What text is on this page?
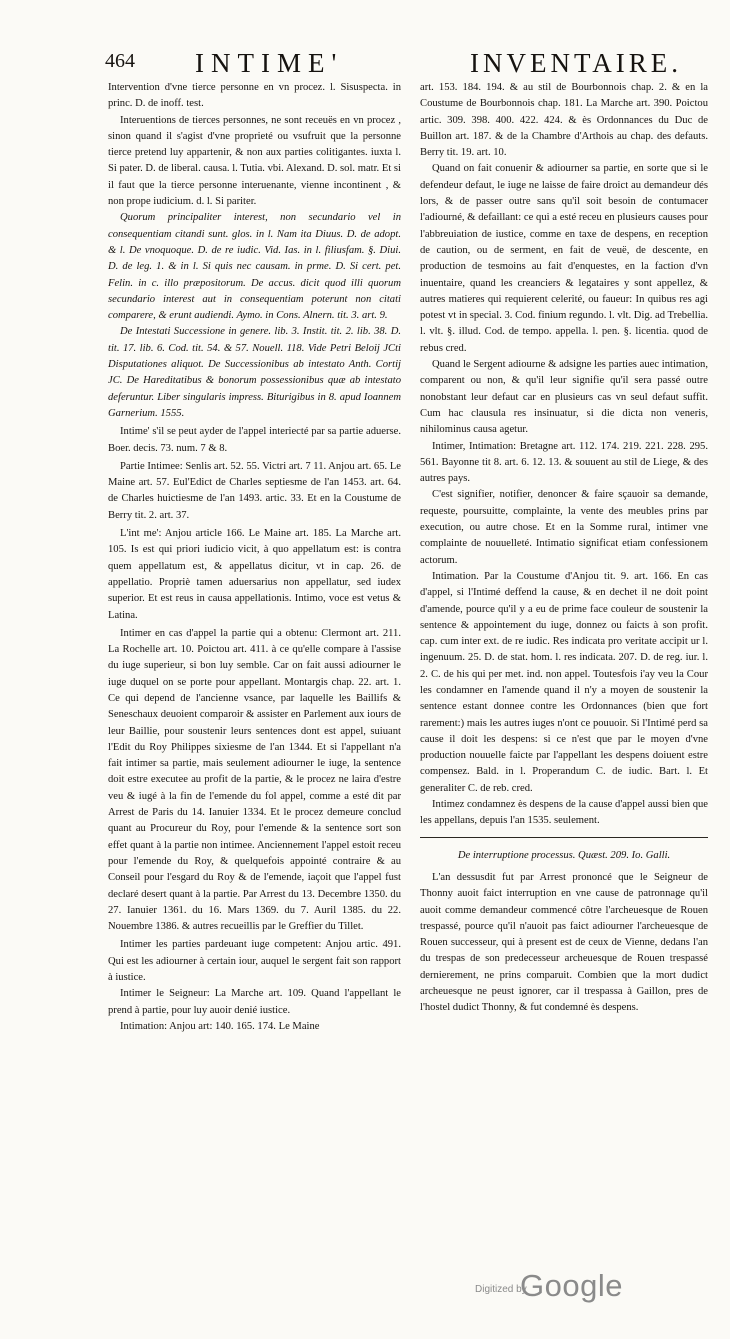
464 INTIME'	INVENTAIRE.

Intervention d'vne tierce personne en vn procez. l. Sisuspecta. in princ. D. de inoff. test.

Interuentions de tierces personnes, ne sont receuës en vn procez , sinon quand il s'agist d'vne proprieté ou vsufruit que la personne tierce pretend luy appartenir, & non aux parties colitigantes. iuxta l. Si pater. D. de liberal. causa. l. Tutia. vbi. Alexand. D. sol. matr. Et si il faut que la tierce personne interuenante, vienne incontinent , & non prope iudicium. d. l. Si pariter.

Quorum principaliter interest, non secundario vel in consequentiam citandi sunt. glos. in l. Nam ita Diuus. D. de adopt. & l. De vnoquoque. D. de re iudic. Vid. Ias. in l. filiusfam. §. Diui. D. de leg. 1. & in l. Si quis nec causam. in prme. D. Si cert. pet. Felin. in c. illo præpositorum. De accus. dicit quod illi quorum secundario interest aut in consequentiam poterunt non citati comparere, & erunt audiendi. Aymo. in Cons. Alnern. tit. 3. art. 9.

De Intestati Successione in genere. lib. 3. Instit. tit. 2. lib. 38. D. tit. 17. lib. 6. Cod. tit. 54. & 57. Nouell. 118. Vide Petri Beloij JCti Disputationes aliquot. De Successionibus ab intestato Anth. Cortij JC. De Hareditatibus & bonorum possessionibus quæ ab intestato deferuntur. Liber singularis impress. Biturigibus in 8. apud Ioannem Garnerium. 1555.

Intime' s'il se peut ayder de l'appel interiecté par sa partie aduerse. Boer. decis. 73. num. 7 & 8.

Partie Intimee: Senlis art. 52. 55. Victri art. 7 11. Anjou art. 65. Le Maine art. 57. Eul'Edict de Charles septiesme de l'an 1453. art. 64. de Charles huictiesme de l'an 1493. artic. 33. Et en la Coustume de Berry tit. 2. art. 37.

L'int me': Anjou article 166. Le Maine art. 185. La Marche art. 105. Is est qui priori iudicio vicit, à quo appellatum est: is contra quem appellatum est, & appellatus dicitur, vt in cap. 26. de appellatio. Propriè tamen aduersarius non appellatur, sed iudex superior. Et est reus in causa appellationis. Intimo, voce est vetus & Latina.

Intimer en cas d'appel la partie qui a obtenu: Clermont art. 211. La Rochelle art. 10. Poictou art. 411. à ce qu'elle compare à l'assise du iuge superieur, si bon luy semble. Car on fait aussi adiourner le iuge duquel on se porte pour appellant. Montargis chap. 22. art. 1. Ce qui depend de l'ancienne vsance, par laquelle les Baillifs & Seneschaux deuoient comparoir & assister en Parlement aux iours de leur Baillie, pour soustenir leurs sentences dont est appel, suiuant l'Edit du Roy Philippes sixiesme de l'an 1344. Et si l'appellant n'a fait intimer sa partie, mais seulement adiourner le iuge, la sentence doit estre executee au profit de la partie, & le procez ne laira d'estre veu & iugé à la fin de l'emende du fol appel, comme a esté dit par Arrest de Paris du 14. Ianuier 1334. Et le procez demeure conclud quant au Procureur du Roy, pour l'emende & la sentence sort son effet quant à la partie non intimee. Anciennement l'appel estoit receu pour l'emende du Roy, & quelquefois appointé contraire & au Conseil pour l'esgard du Roy & de l'emende, iaçoit que l'appel fust declaré desert quant à la partie. Par Arrest du 13. Decembre 1350. du 27. Ianuier 1361. du 16. Mars 1369. du 7. Auril 1385. du 22. Nouembre 1386. & autres recueillis par le Greffier du Tillet.

Intimer les parties pardeuant iuge competent: Anjou artic. 491. Qui est les adiourner à certain iour, auquel le sergent fait son rapport à iustice.

Intimer le Seigneur: La Marche art. 109. Quand l'appellant le prend à partie, pour luy auoir denié iustice.

Intimation: Anjou art: 140. 165. 174. Le Maine

art. 153. 184. 194. & au stil de Bourbonnois chap. 2. & en la Coustume de Bourbonnois chap. 181. La Marche art. 390. Poictou artic. 309. 398. 400. 422. 424. & ès Ordonnances du Duc de Buillon art. 187. & de la Chambre d'Arthois au chap. des defauts. Berry tit. 19. art. 10.

Quand on fait conuenir & adiourner sa partie, en sorte que si le defendeur defaut, le iuge ne laisse de faire droict au demandeur dés lors, & de passer outre sans qu'il soit besoin de contumacer l'adiourné, & defaillant: ce qui a esté receu en plusieurs causes pour l'abbreuiation de iustice, comme en taxe de despens, en reception de caution, ou de serment, en fait de veuë, de descente, en production de tesmoins au fait d'enquestes, en la faction d'vn inuentaire, quand les creanciers & legataires y sont appellez, & autres matieres qui requierent celerité, ou faueur: In quibus res agi potest vt in special. 3. Cod. finium regundo. l. vlt. Dig. ad Trebellia. l. vlt. §. illud. Cod. de tempo. appella. l. pen. §. licentia. quod de rebus cred.

Quand le Sergent adiourne & adsigne les parties auec intimation, comparent ou non, & qu'il leur signifie qu'il sera passé outre nonobstant leur defaut car en plusieurs cas vn seul defaut suffit. Cum hac clausula res insinuatur, si die dicta non veneris, nihilominus causa agetur.

Intimer, Intimation: Bretagne art. 112. 174. 219. 221. 228. 295. 561. Bayonne tit 8. art. 6. 12. 13. & souuent au stil de Liege, & des autres pays.

C'est signifier, notifier, denoncer & faire sçauoir sa demande, requeste, poursuitte, complainte, la vente des meubles prins par execution, ou autre chose. Et en la Somme rural, intimer vne complainte de nouuelleté. Intimatio significat etiam confessionem actorum.

Intimation. Par la Coustume d'Anjou tit. 9. art. 166. En cas d'appel, si l'Intimé deffend la cause, & en dechet il ne doit point d'amende, pource qu'il y a eu de prime face couleur de soustenir la sentence & appointement du iuge, donnez ou faicts à son profit. cap. cum inter ext. de re iudic. Res indicata pro veritate accipit ur l. ingenuum. 25. D. de stat. hom. l. res indicata. 207. D. de reg. iur. l. 2. C. de his qui per met. ind. non appel. Toutesfois i'ay veu la Cour les condamner en l'amende quand il n'y a moyen de soustenir la sentence estant donnee contre les Ordonnances (bien que fort rarement:) mais les autres iuges n'ont ce pouuoir. Si l'Intimé perd sa cause il doit les despens: si ce n'est que par le moyen d'vne production nouuelle faicte par l'appellant les despens doiuent estre compensez. Bald. in l. Properandum C. de iudic. Bart. l. Et generaliter C. de reb. cred.

Intimez condamnez ès despens de la cause d'appel aussi bien que les appellans, depuis l'an 1535. seulement.

De interruptione processus. Quæst. 209. Io. Galli.

L'an dessusdit fut par Arrest prononcé que le Seigneur de Thonny auoit faict interruption en vne cause de patronnage qu'il auoit comme demandeur commencé côtre l'archeuesque de Rouen trespassé, pource qu'il n'auoit pas faict adiourner l'archeuesque de Rouen successeur, qui à present est de ceux de Vienne, dedans l'an du trespas de son predecesseur archeuesque de Rouen trespassé dernierement, ne prins comparuit. Combien que la mort dudict archeuesque ne peust ignorer, car il trespassa à Gaillon, pres de l'hostel dudict Thonny, & fut condemné ès despens.

Digitized by
Google
